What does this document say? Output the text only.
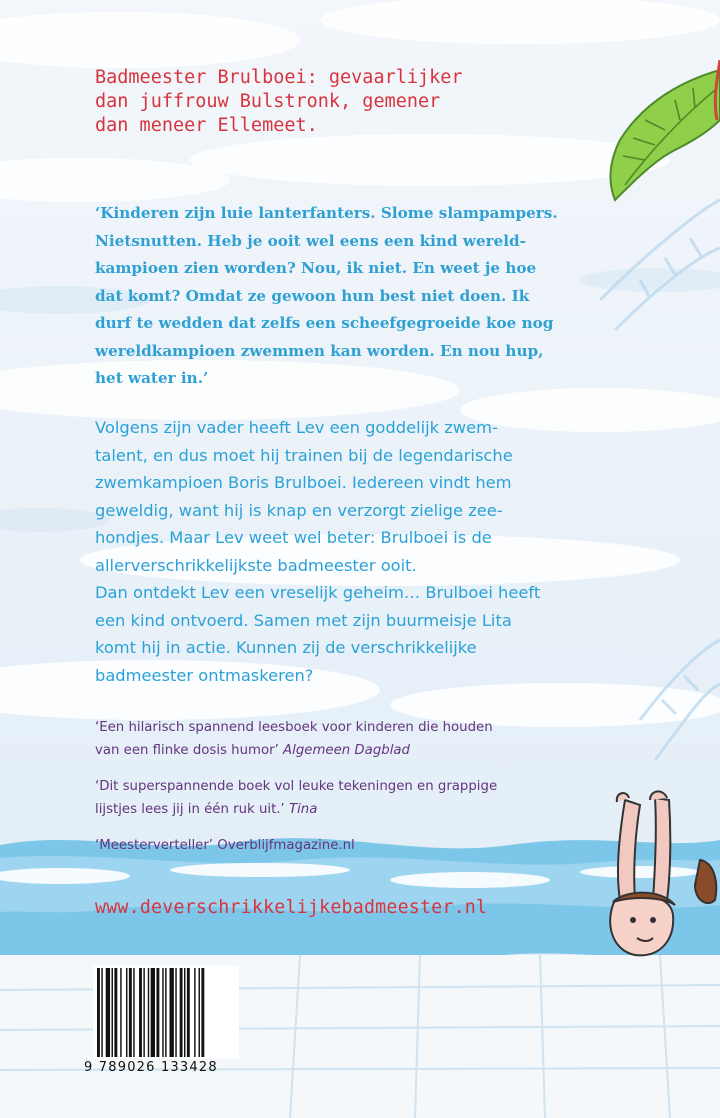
Badmeester Brulboei: gevaarlijker
dan juffrouw Bulstronk, gemener
dan meneer Ellemeet.

‘Kinderen zijn luie lanterfanters. Slome slampampers.
Nietsnutten. Heb je ooit wel eens een kind wereld-
kampioen zien worden? Nou, ik niet. En weet je hoe
dat komt? Omdat ze gewoon hun best niet doen. Ik
durf te wedden dat zelfs een scheefgegroeide koe nog
wereldkampioen zwemmen kan worden. En nou hup,
het water in.’

Volgens zijn vader heeft Lev een goddelijk zwem-
talent, en dus moet hij trainen bij de legendarische
zwemkampioen Boris Brulboei. Iedereen vindt hem
geweldig, want hij is knap en verzorgt zielige zee-
hondjes. Maar Lev weet wel beter: Brulboei is de
allerverschrikkelijkste badmeester ooit.
Dan ontdekt Lev een vreselijk geheim… Brulboei heeft
een kind ontvoerd. Samen met zijn buurmeisje Lita
komt hij in actie. Kunnen zij de verschrikkelijke
badmeester ontmaskeren?

‘Een hilarisch spannend leesboek voor kinderen die houden
van een flinke dosis humor’ Algemeen Dagblad

‘Dit superspannende boek vol leuke tekeningen en grappige
lijstjes lees jij in één ruk uit.’ Tina

‘Meesterverteller’ Overblijfmagazine.nl

www.deverschrikkelijkebadmeester.nl

9 789026 133428
